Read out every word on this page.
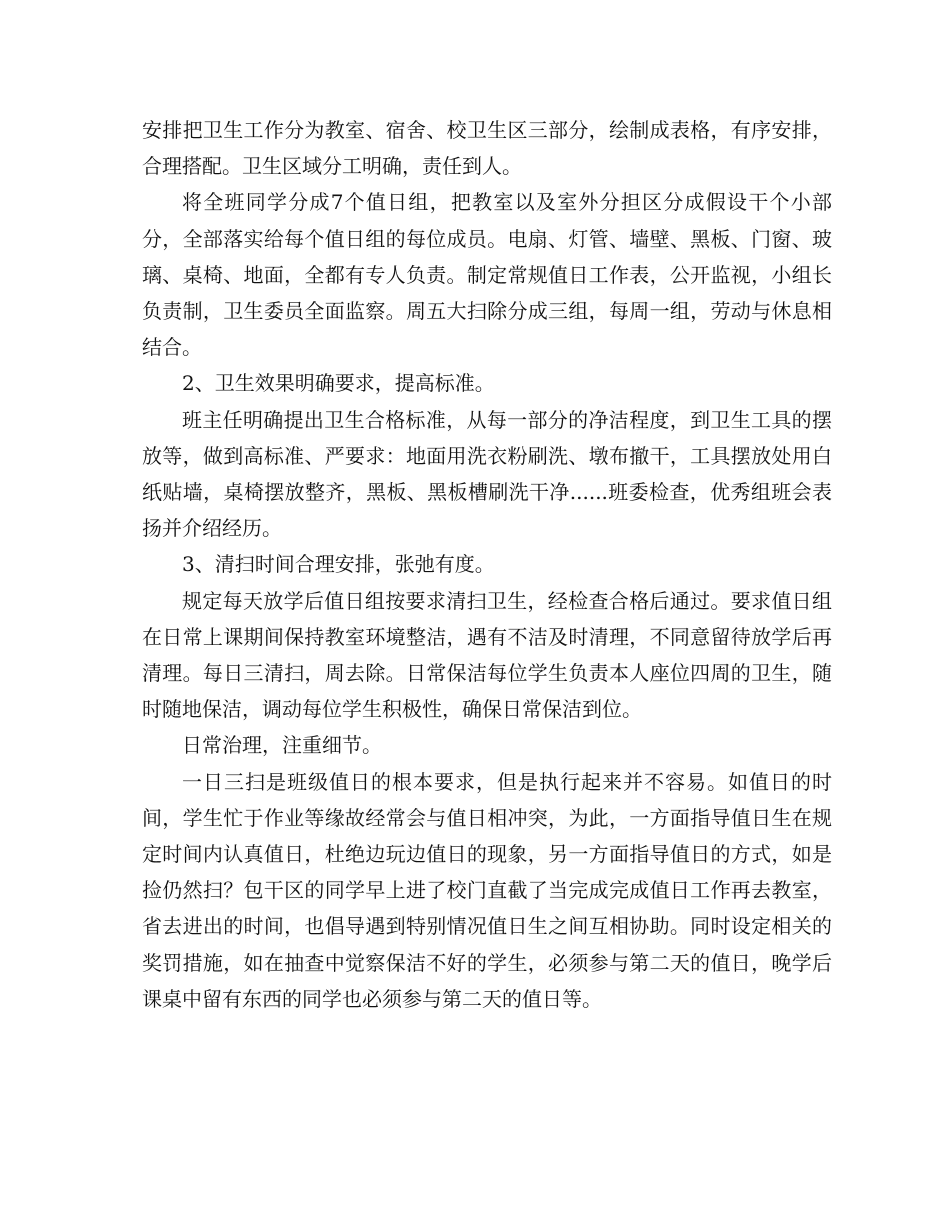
安排把卫生工作分为教室、宿舍、校卫生区三部分，绘制成表格，有序安排，合理搭配。卫生区域分工明确，责任到人。

将全班同学分成7个值日组，把教室以及室外分担区分成假设干个小部分，全部落实给每个值日组的每位成员。电扇、灯管、墙壁、黑板、门窗、玻璃、桌椅、地面，全都有专人负责。制定常规值日工作表，公开监视，小组长负责制，卫生委员全面监察。周五大扫除分成三组，每周一组，劳动与休息相结合。

2、卫生效果明确要求，提高标准。

班主任明确提出卫生合格标准，从每一部分的净洁程度，到卫生工具的摆放等，做到高标准、严要求：地面用洗衣粉刷洗、墩布撤干，工具摆放处用白纸贴墙，桌椅摆放整齐，黑板、黑板槽刷洗干净......班委检查，优秀组班会表扬并介绍经历。

3、清扫时间合理安排，张弛有度。

规定每天放学后值日组按要求清扫卫生，经检查合格后通过。要求值日组在日常上课期间保持教室环境整洁，遇有不洁及时清理，不同意留待放学后再清理。每日三清扫，周去除。日常保洁每位学生负责本人座位四周的卫生，随时随地保洁，调动每位学生积极性，确保日常保洁到位。

日常治理，注重细节。

一日三扫是班级值日的根本要求，但是执行起来并不容易。如值日的时间，学生忙于作业等缘故经常会与值日相冲突，为此，一方面指导值日生在规定时间内认真值日，杜绝边玩边值日的现象，另一方面指导值日的方式，如是捡仍然扫？包干区的同学早上进了校门直截了当完成完成值日工作再去教室，省去进出的时间，也倡导遇到特别情况值日生之间互相协助。同时设定相关的奖罚措施，如在抽查中觉察保洁不好的学生，必须参与第二天的值日，晚学后课桌中留有东西的同学也必须参与第二天的值日等。
